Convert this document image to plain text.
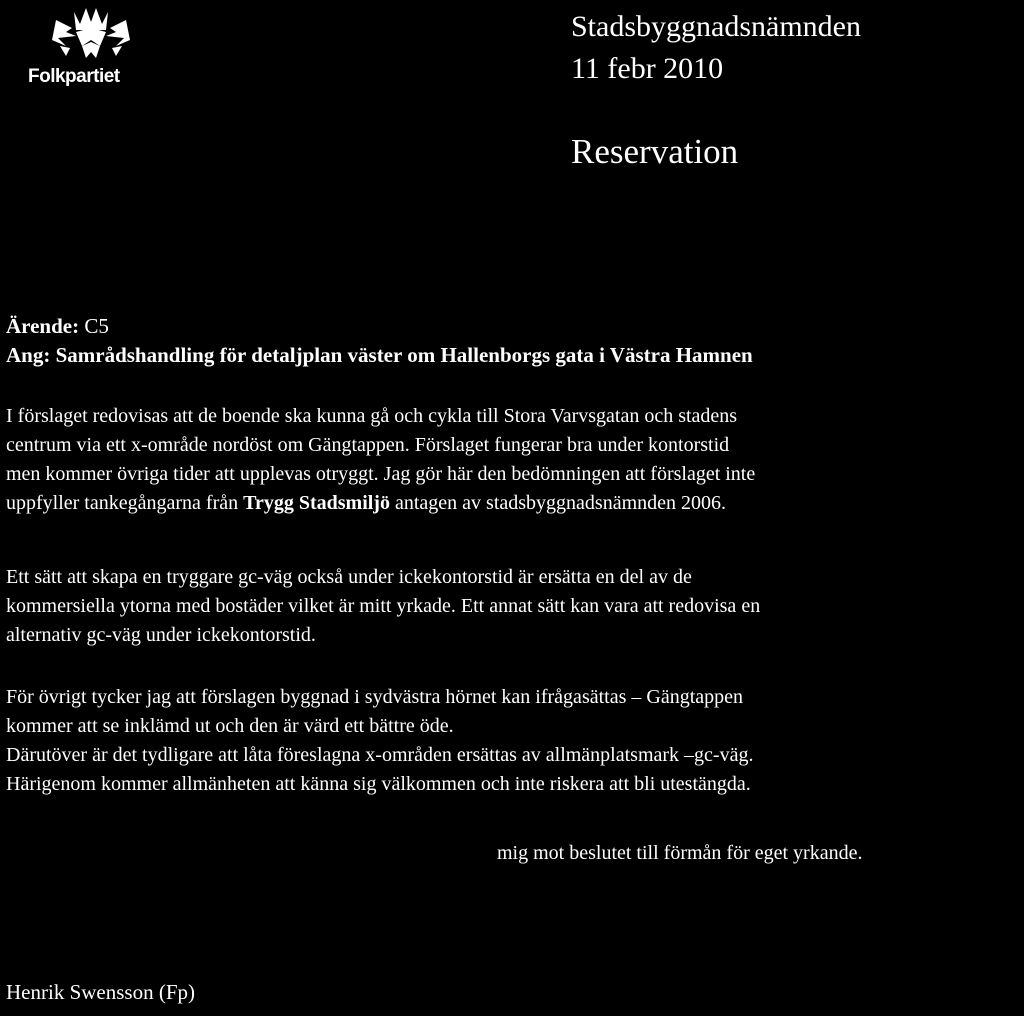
Folkpartiet
Stadsbyggnadsnämnden
11 febr 2010
Reservation
Ärende: C5
Ang: Samrådshandling för detaljplan väster om Hallenborgs gata i Västra Hamnen
I förslaget redovisas att de boende ska kunna gå och cykla till Stora Varvsgatan och stadens
centrum via ett x-område nordöst om Gängtappen. Förslaget fungerar bra under kontorstid
men kommer övriga tider att upplevas otryggt. Jag gör här den bedömningen att förslaget inte
uppfyller tankegångarna från Trygg Stadsmiljö antagen av stadsbyggnadsnämnden 2006.
Ett sätt att skapa en tryggare gc-väg också under ickekontorstid är ersätta en del av de
kommersiella ytorna med bostäder vilket är mitt yrkade. Ett annat sätt kan vara att redovisa en
alternativ gc-väg under ickekontorstid.
För övrigt tycker jag att förslagen byggnad i sydvästra hörnet kan ifrågasättas – Gängtappen
kommer att se inklämd ut och den är värd ett bättre öde.
Därutöver är det tydligare att låta föreslagna x-områden ersättas av allmänplatsmark –gc-väg.
Härigenom kommer allmänheten att känna sig välkommen och inte riskera att bli utestängda.
mig mot beslutet till förmån för eget yrkande.
Henrik Swensson (Fp)
